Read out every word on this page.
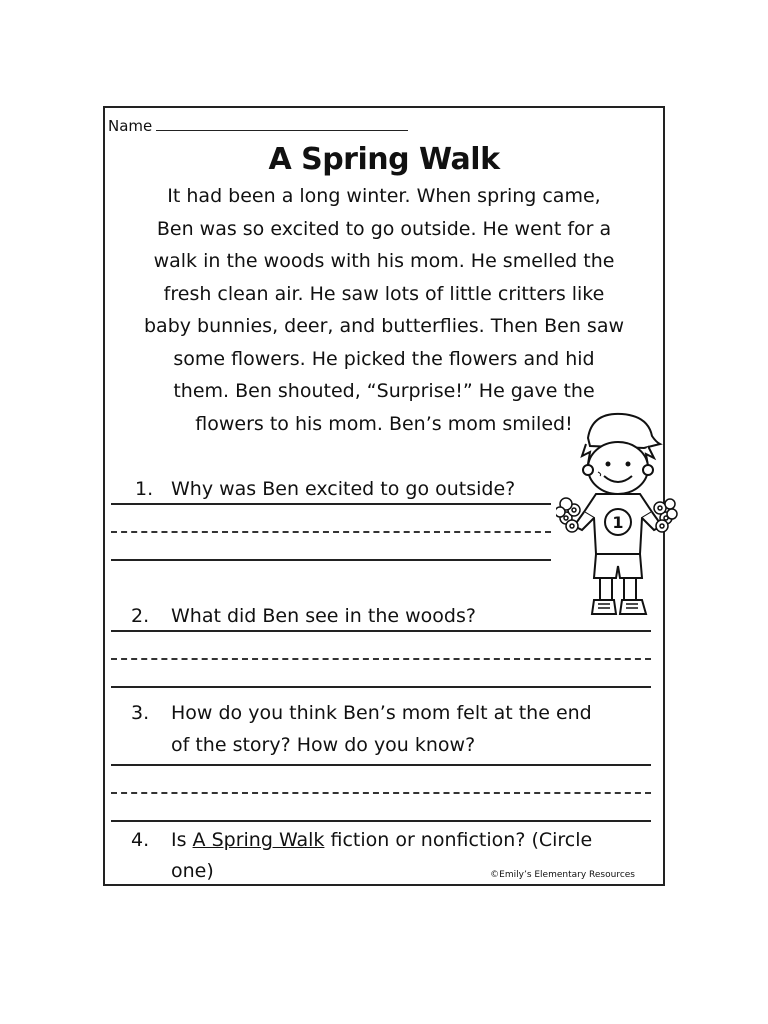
Name
A Spring Walk
It had been a long winter. When spring came,
Ben was so excited to go outside. He went for a
walk in the woods with his mom. He smelled the
fresh clean air. He saw lots of little critters like
baby bunnies, deer, and butterflies. Then Ben saw
some flowers. He picked the flowers and hid
them. Ben shouted, “Surprise!” He gave the
flowers to his mom. Ben’s mom smiled!
1. Why was Ben excited to go outside?
2. What did Ben see in the woods?
3. How do you think Ben’s mom felt at the end
of the story? How do you know?
4. Is A Spring Walk fiction or nonfiction? (Circle
one)	©Emily’s Elementary Resources
1
